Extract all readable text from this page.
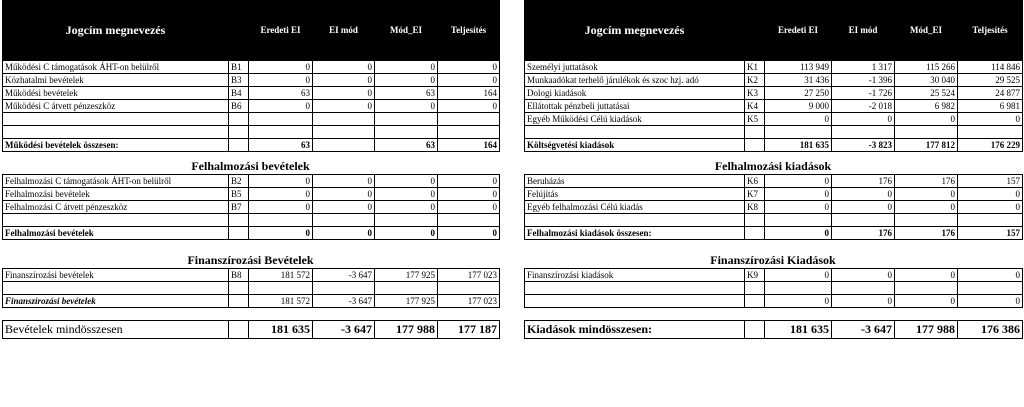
Jogcím megnevezés		Eredeti EI	EI mód	Mód_EI	Teljesítés
Működési C támogatások ÁHT-on belülről	B1	0	0	0	0
Közhatalmi bevételek	B3	0	0	0	0
Működési bevételek	B4	63	0	63	164
Működési C átvett pénzeszköz	B6	0	0	0	0

Működési bevételek összesen:		63		63	164
Felhalmozási bevételek
Felhalmozási C támogatások ÁHT-on belülről	B2	0	0	0	0
Felhalmozási bevételek	B5	0	0	0	0
Felhalmozási C átvett pénzeszköz	B7	0	0	0	0

Felhalmozási bevételek		0	0	0	0
Finanszírozási Bevételek
Finanszírozási bevételek	B8	181 572	-3 647	177 925	177 023

Finanszírozási bevételek		181 572	-3 647	177 925	177 023
Bevételek mindösszesen		181 635	-3 647	177 988	177 187
Jogcím megnevezés		Eredeti EI	EI mód	Mód_EI	Teljesítés
Személyi juttatások	K1	113 949	1 317	115 266	114 846
Munkaadókat terhelő járulékok és szoc hzj. adó	K2	31 436	-1 396	30 040	29 525
Dologi kiadások	K3	27 250	-1 726	25 524	24 877
Ellátottak pénzbeli juttatásai	K4	9 000	-2 018	6 982	6 981
Egyéb Működési Célú kiadások	K5	0	0	0	0

Költségvetési kiadások		181 635	-3 823	177 812	176 229
Felhalmozási kiadások
Beruházás	K6	0	176	176	157
Felújítás	K7	0	0	0	0
Egyéb felhalmozási Célú kiadás	K8	0	0	0	0

Felhalmozási kiadások összesen:		0	176	176	157
Finanszírozási Kiadások
Finanszírozási kiadások	K9	0	0	0	0

		0	0	0	0
Kiadások mindösszesen:		181 635	-3 647	177 988	176 386
